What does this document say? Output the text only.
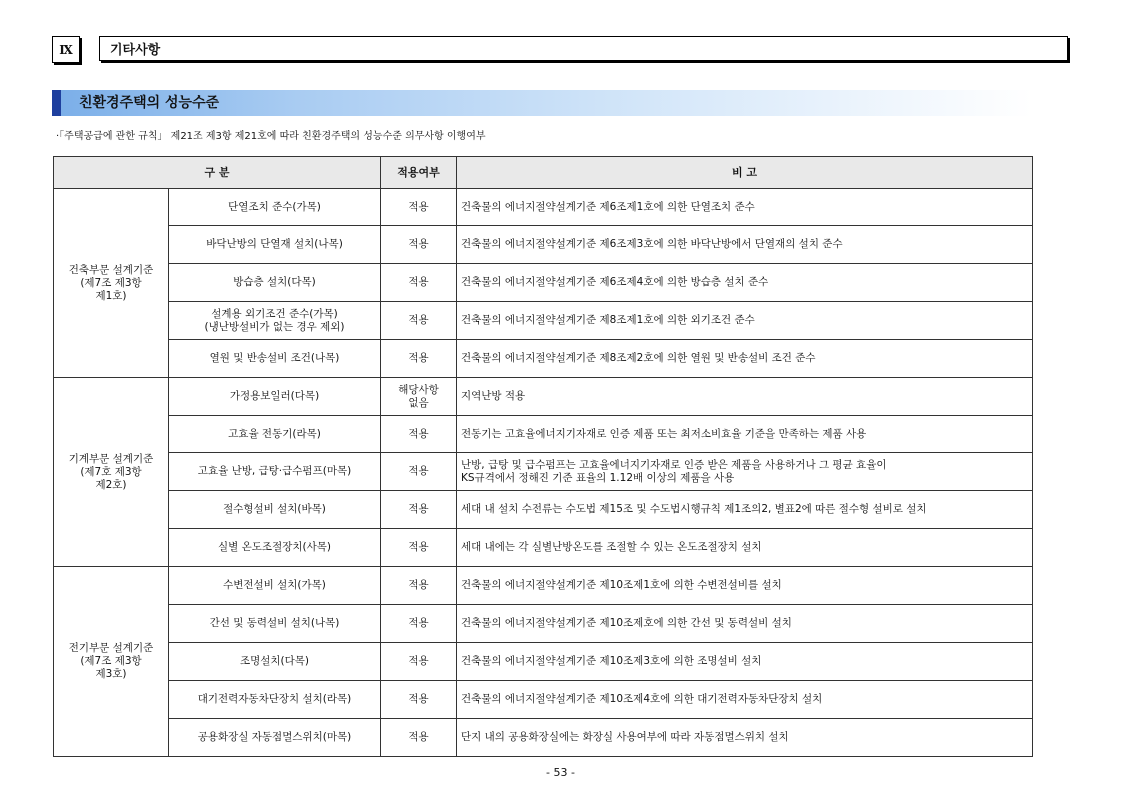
Ⅸ	기타사항
친환경주택의 성능수준
·「주택공급에 관한 규칙」 제21조 제3항 제21호에 따라 친환경주택의 성능수준 의무사항 이행여부
구 분		적용여부	비 고
건축부문 설계기준
(제7조 제3항
제1호)	단열조치 준수(가목)	적용	건축물의 에너지절약설계기준 제6조제1호에 의한 단열조치 준수
	바닥난방의 단열재 설치(나목)	적용	건축물의 에너지절약설계기준 제6조제3호에 의한 바닥난방에서 단열재의 설치 준수
	방습층 설치(다목)	적용	건축물의 에너지절약설계기준 제6조제4호에 의한 방습층 설치 준수
	설계용 외기조건 준수(가목)
(냉난방설비가 없는 경우 제외)	적용	건축물의 에너지절약설계기준 제8조제1호에 의한 외기조건 준수
	열원 및 반송설비 조건(나목)	적용	건축물의 에너지절약설계기준 제8조제2호에 의한 열원 및 반송설비 조건 준수
기계부문 설계기준
(제7호 제3항
제2호)	가정용보일러(다목)	해당사항
없음	지역난방 적용
	고효율 전동기(라목)	적용	전동기는 고효율에너지기자재로 인증 제품 또는 최저소비효율 기준을 만족하는 제품 사용
	고효율 난방, 급탕·급수펌프(마목)	적용	난방, 급탕 및 급수펌프는 고효율에너지기자재로 인증 받은 제품을 사용하거나 그 평균 효율이
KS규격에서 정해진 기준 표율의 1.12배 이상의 제품을 사용
	절수형설비 설치(바목)	적용	세대 내 설치 수전류는 수도법 제15조 및 수도법시행규칙 제1조의2, 별표2에 따른 절수형 설비로 설치
	실별 온도조절장치(사목)	적용	세대 내에는 각 실별난방온도를 조절할 수 있는 온도조절장치 설치
전기부문 설계기준
(제7조 제3항
제3호)	수변전설비 설치(가목)	적용	건축물의 에너지절약설계기준 제10조제1호에 의한 수변전설비를 설치
	간선 및 동력설비 설치(나목)	적용	건축물의 에너지절약설계기준 제10조제호에 의한 간선 및 동력설비 설치
	조명설치(다목)	적용	건축물의 에너지절약설계기준 제10조제3호에 의한 조명설비 설치
	대기전력자동차단장치 설치(라목)	적용	건축물의 에너지절약설계기준 제10조제4호에 의한 대기전력자동차단장치 설치
	공용화장실 자동점멸스위치(마목)	적용	단지 내의 공용화장실에는 화장실 사용여부에 따라 자동점멸스위치 설치
- 53 -
